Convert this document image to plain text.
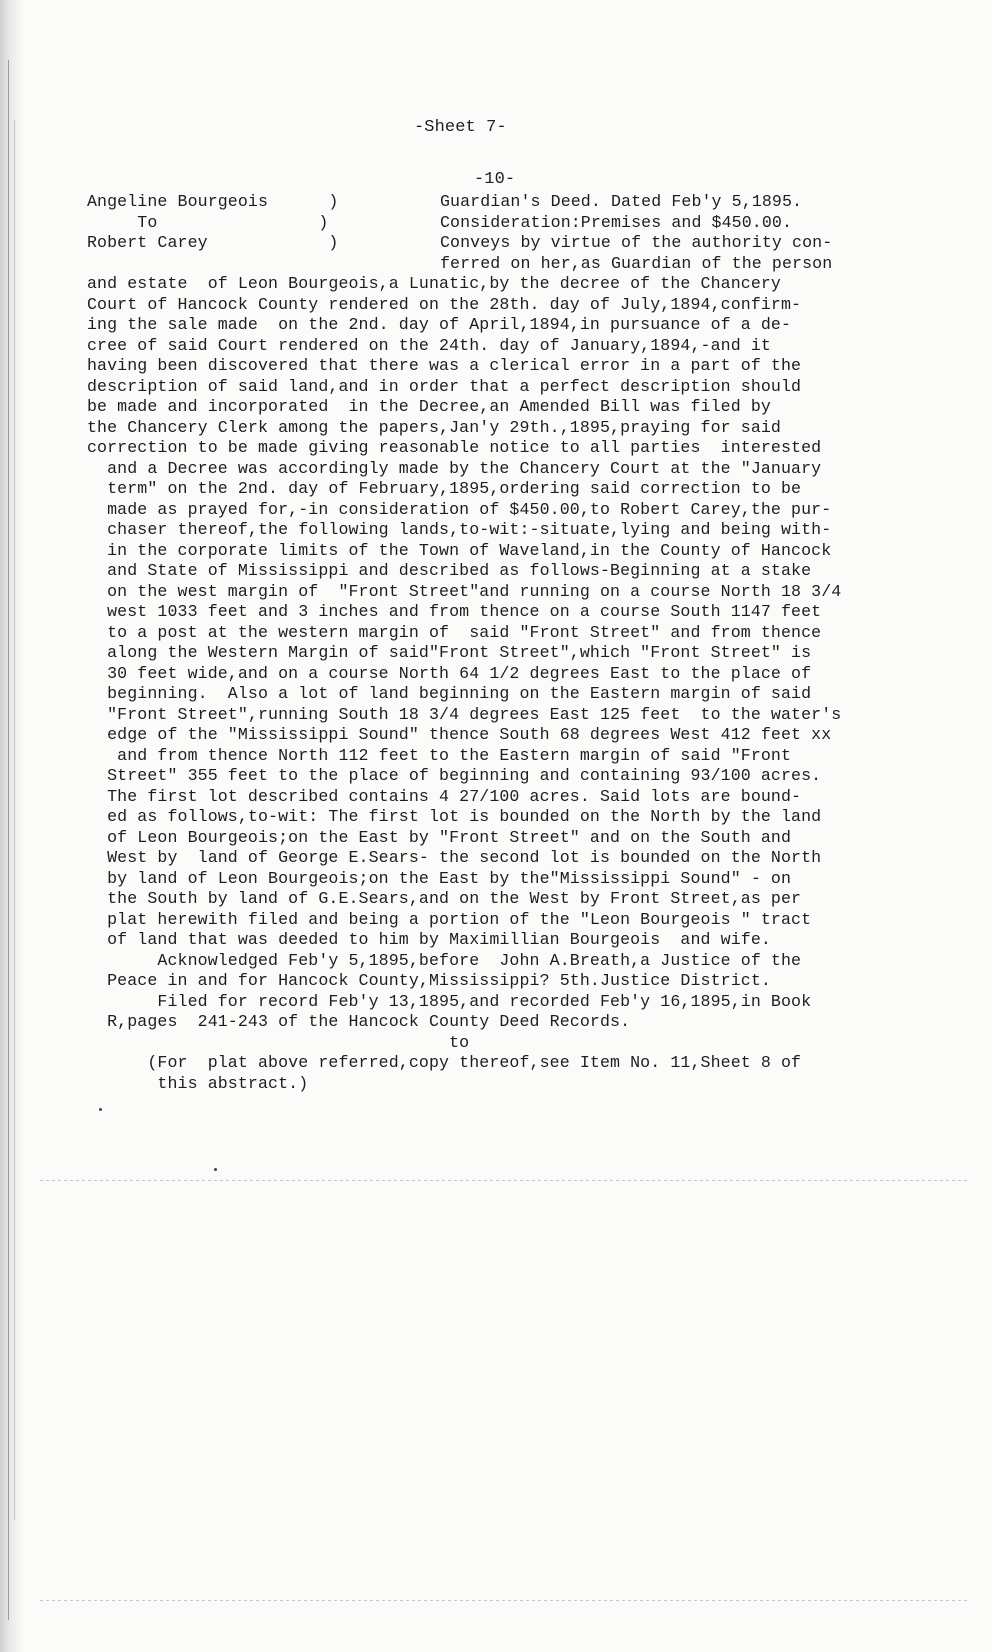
-Sheet 7-
-10-
Angeline Bourgeois	)
To	)
Robert Carey	)
Guardian's Deed. Dated Feb'y 5,1895.
Consideration:Premises and $450.00.
Conveys by virtue of the authority con-
ferred on her,as Guardian of the person
and estate  of Leon Bourgeois,a Lunatic,by the decree of the Chancery
Court of Hancock County rendered on the 28th. day of July,1894,confirm-
ing the sale made  on the 2nd. day of April,1894,in pursuance of a de-
cree of said Court rendered on the 24th. day of January,1894,-and it
having been discovered that there was a clerical error in a part of the
description of said land,and in order that a perfect description should
be made and incorporated  in the Decree,an Amended Bill was filed by
the Chancery Clerk among the papers,Jan'y 29th.,1895,praying for said
correction to be made giving reasonable notice to all parties  interested
and a Decree was accordingly made by the Chancery Court at the "January
term" on the 2nd. day of February,1895,ordering said correction to be
made as prayed for,-in consideration of $450.00,to Robert Carey,the pur-
chaser thereof,the following lands,to-wit:-situate,lying and being with-
in the corporate limits of the Town of Waveland,in the County of Hancock
and State of Mississippi and described as follows-Beginning at a stake
on the west margin of  "Front Street"and running on a course North 18 3/4
west 1033 feet and 3 inches and from thence on a course South 1147 feet
to a post at the western margin of  said "Front Street" and from thence
along the Western Margin of said"Front Street",which "Front Street" is
30 feet wide,and on a course North 64 1/2 degrees East to the place of
beginning.  Also a lot of land beginning on the Eastern margin of said
"Front Street",running South 18 3/4 degrees East 125 feet  to the water's
edge of the "Mississippi Sound" thence South 68 degrees West 412 feet xx
and from thence North 112 feet to the Eastern margin of said "Front
Street" 355 feet to the place of beginning and containing 93/100 acres.
The first lot described contains 4 27/100 acres. Said lots are bound-
ed as follows,to-wit: The first lot is bounded on the North by the land
of Leon Bourgeois;on the East by "Front Street" and on the South and
West by  land of George E.Sears- the second lot is bounded on the North
by land of Leon Bourgeois;on the East by the"Mississippi Sound" - on
the South by land of G.E.Sears,and on the West by Front Street,as per
plat herewith filed and being a portion of the "Leon Bourgeois " tract
of land that was deeded to him by Maximillian Bourgeois  and wife.
Acknowledged Feb'y 5,1895,before  John A.Breath,a Justice of the
Peace in and for Hancock County,Mississippi? 5th.Justice District.
Filed for record Feb'y 13,1895,and recorded Feb'y 16,1895,in Book
R,pages  241-243 of the Hancock County Deed Records.
to
(For  plat above referred,copy thereof,see Item No. 11,Sheet 8 of
this abstract.)
